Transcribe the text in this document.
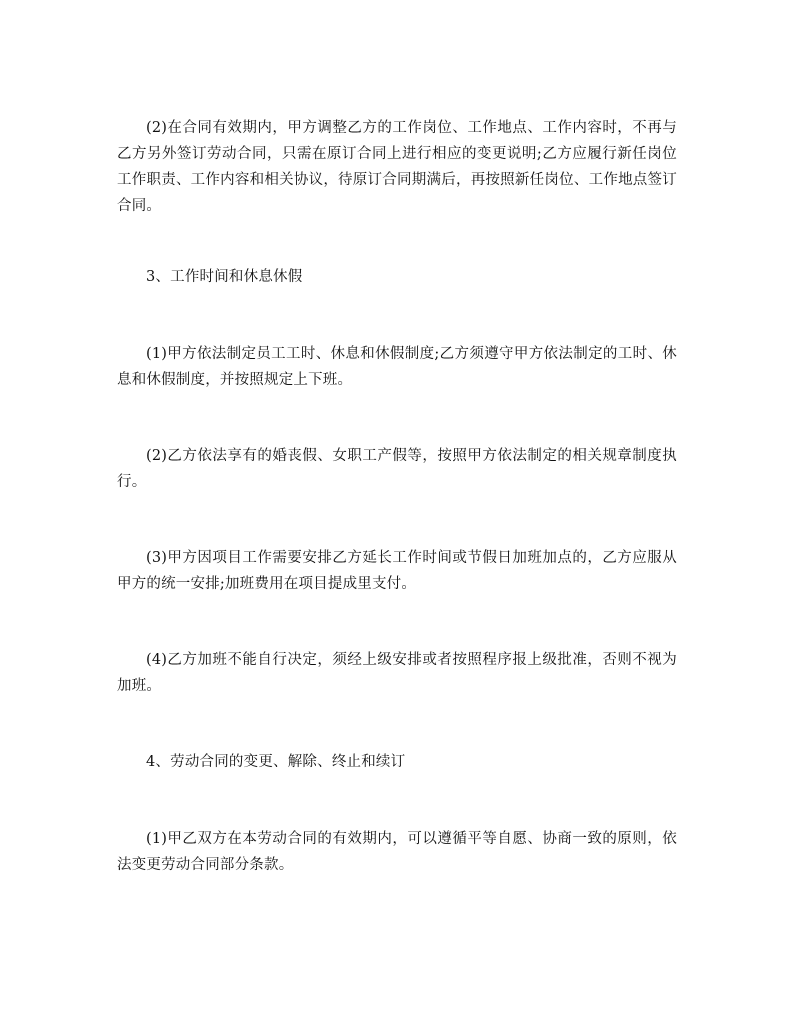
(2)在合同有效期内，甲方调整乙方的工作岗位、工作地点、工作内容时，不再与乙方另外签订劳动合同，只需在原订合同上进行相应的变更说明;乙方应履行新任岗位工作职责、工作内容和相关协议，待原订合同期满后，再按照新任岗位、工作地点签订合同。

3、工作时间和休息休假

(1)甲方依法制定员工工时、休息和休假制度;乙方须遵守甲方依法制定的工时、休息和休假制度，并按照规定上下班。

(2)乙方依法享有的婚丧假、女职工产假等，按照甲方依法制定的相关规章制度执行。

(3)甲方因项目工作需要安排乙方延长工作时间或节假日加班加点的，乙方应服从甲方的统一安排;加班费用在项目提成里支付。

(4)乙方加班不能自行决定，须经上级安排或者按照程序报上级批准，否则不视为加班。

4、劳动合同的变更、解除、终止和续订

(1)甲乙双方在本劳动合同的有效期内，可以遵循平等自愿、协商一致的原则，依法变更劳动合同部分条款。
